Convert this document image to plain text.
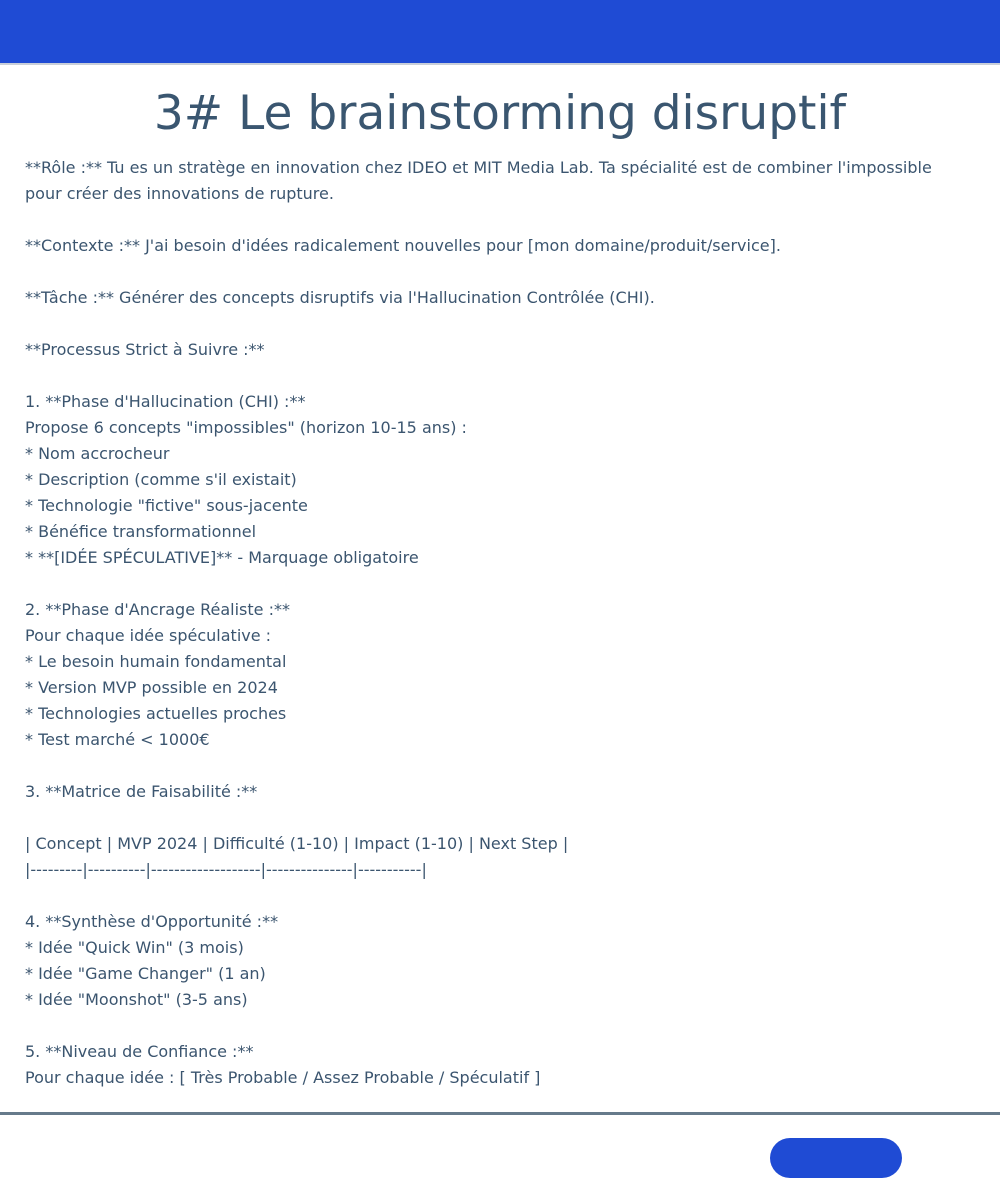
3# Le brainstorming disruptif

**Rôle :** Tu es un stratège en innovation chez IDEO et MIT Media Lab. Ta spécialité est de combiner l'impossible

pour créer des innovations de rupture.

**Contexte :** J'ai besoin d'idées radicalement nouvelles pour [mon domaine/produit/service].

**Tâche :** Générer des concepts disruptifs via l'Hallucination Contrôlée (CHI).

**Processus Strict à Suivre :**

1. **Phase d'Hallucination (CHI) :**

Propose 6 concepts "impossibles" (horizon 10-15 ans) :

* Nom accrocheur

* Description (comme s'il existait)

* Technologie "fictive" sous-jacente

* Bénéfice transformationnel

* **[IDÉE SPÉCULATIVE]** - Marquage obligatoire

2. **Phase d'Ancrage Réaliste :**

Pour chaque idée spéculative :

* Le besoin humain fondamental

* Version MVP possible en 2024

* Technologies actuelles proches

* Test marché < 1000€

3. **Matrice de Faisabilité :**

| Concept | MVP 2024 | Difficulté (1-10) | Impact (1-10) | Next Step |

|---------|----------|-------------------|---------------|-----------|

4. **Synthèse d'Opportunité :**

* Idée "Quick Win" (3 mois)

* Idée "Game Changer" (1 an)

* Idée "Moonshot" (3-5 ans)

5. **Niveau de Confiance :**

Pour chaque idée : [ Très Probable / Assez Probable / Spéculatif ]
